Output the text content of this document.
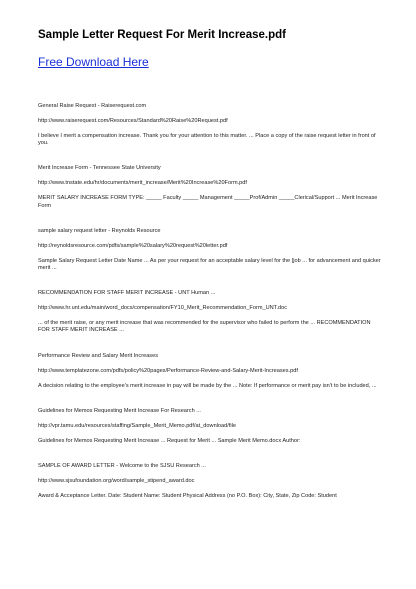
Sample Letter Request For Merit Increase.pdf
Free Download Here

General Raise Request - Raiserequest.com

http://www.raiserequest.com/Resources/Standard%20Raise%20Request.pdf

I believe I merit a compensation increase. Thank you for your attention to this matter. ... Place a copy of the raise request letter in front of you.

Merit Increase Form - Tennessee State University

http://www.tnstate.edu/hr/documents/merit_increase/Merit%20Increase%20Form.pdf

MERIT SALARY INCREASE FORM TYPE: _____ Faculty _____ Management _____Prof/Admin _____Clerical/Support ... Merit Increase Form

sample salary request letter - Reynolds Resource

http://reynoldsresource.com/pdfs/sample%20salary%20request%20letter.pdf

Sample Salary Request Letter Date Name ... As per your request for an acceptable salary level for the [job ... for advancement and quicker merit ...

RECOMMENDATION FOR STAFF MERIT INCREASE - UNT Human ...

http://www.hr.unt.edu/main/word_docs/compensation/FY10_Merit_Recommendation_Form_UNT.doc

... of the merit raise, or any merit increase that was recommended for the supervisor who failed to perform the ... RECOMMENDATION FOR STAFF MERIT INCREASE ...

Performance Review and Salary Merit Increases

http://www.templatezone.com/pdfs/policy%20pages/Performance-Review-and-Salary-Merit-Increases.pdf

A decision relating to the employee's merit increase in pay will be made by the ... Note: If performance or merit pay isn't to be included, ...

Guidelines for Memos Requesting Merit Increase For Research ...

http://vpr.tamu.edu/resources/staffing/Sample_Merit_Memo.pdf/at_download/file

Guidelines for Memos Requesting Merit Increase ... Request for Merit ... Sample Merit Memo.docx Author:

SAMPLE OF AWARD LETTER - Welcome to the SJSU Research ...

http://www.sjsufoundation.org/word/sample_stipend_award.doc

Award & Acceptance Letter. Date: Student Name: Student Physical Address (no P.O. Box): City, State, Zip Code: Student
